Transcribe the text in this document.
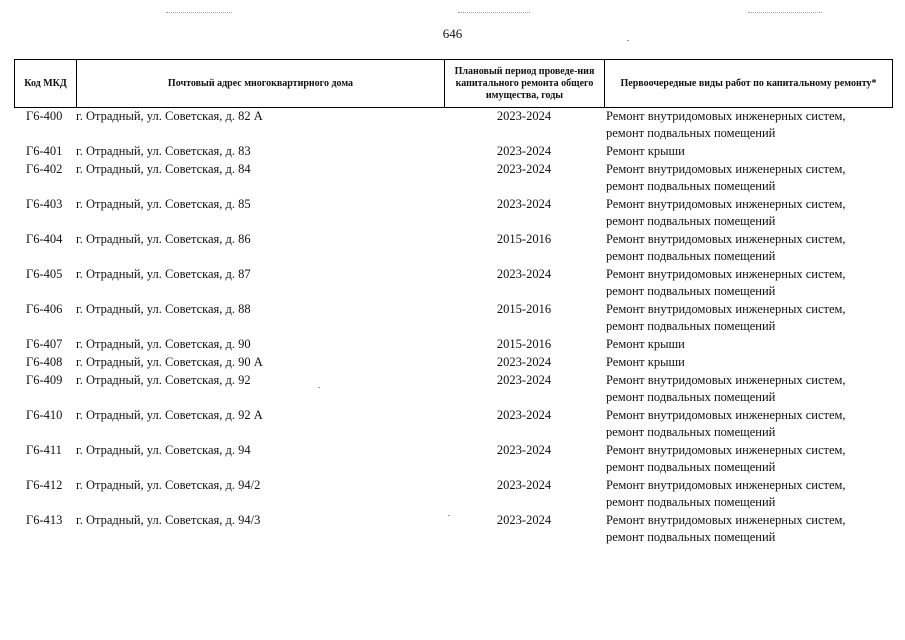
646
Код МКД	Почтовый адрес многоквартирного дома	Плановый период проведе-ния капитального ремонта общего имущества, годы	Первоочередные виды работ по капитальному ремонту*
Г6-400 г. Отрадный, ул. Советская, д. 82 А	2023-2024	Ремонт внутридомовых инженерных систем,
ремонт подвальных помещений
Г6-401 г. Отрадный, ул. Советская, д. 83	2023-2024	Ремонт крыши
Г6-402 г. Отрадный, ул. Советская, д. 84	2023-2024	Ремонт внутридомовых инженерных систем,
ремонт подвальных помещений
Г6-403 г. Отрадный, ул. Советская, д. 85	2023-2024	Ремонт внутридомовых инженерных систем,
ремонт подвальных помещений
Г6-404 г. Отрадный, ул. Советская, д. 86	2015-2016	Ремонт внутридомовых инженерных систем,
ремонт подвальных помещений
Г6-405 г. Отрадный, ул. Советская, д. 87	2023-2024	Ремонт внутридомовых инженерных систем,
ремонт подвальных помещений
Г6-406 г. Отрадный, ул. Советская, д. 88	2015-2016	Ремонт внутридомовых инженерных систем,
ремонт подвальных помещений
Г6-407 г. Отрадный, ул. Советская, д. 90	2015-2016	Ремонт крыши
Г6-408 г. Отрадный, ул. Советская, д. 90 А	2023-2024	Ремонт крыши
Г6-409 г. Отрадный, ул. Советская, д. 92	2023-2024	Ремонт внутридомовых инженерных систем,
ремонт подвальных помещений
Г6-410 г. Отрадный, ул. Советская, д. 92 А	2023-2024	Ремонт внутридомовых инженерных систем,
ремонт подвальных помещений
Г6-411 г. Отрадный, ул. Советская, д. 94	2023-2024	Ремонт внутридомовых инженерных систем,
ремонт подвальных помещений
Г6-412 г. Отрадный, ул. Советская, д. 94/2	2023-2024	Ремонт внутридомовых инженерных систем,
ремонт подвальных помещений
Г6-413 г. Отрадный, ул. Советская, д. 94/3	2023-2024	Ремонт внутридомовых инженерных систем,
ремонт подвальных помещений
